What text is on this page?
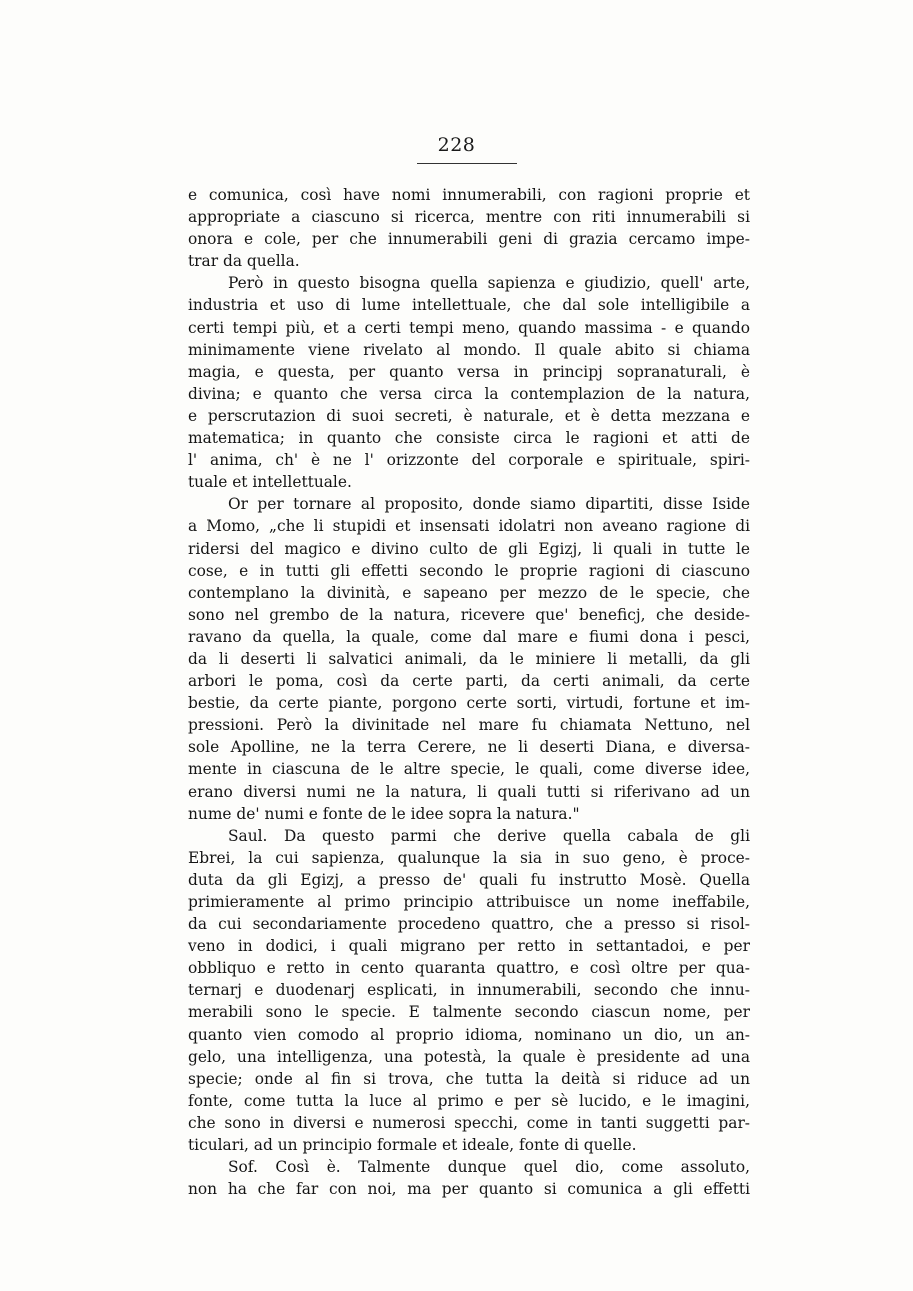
228
e comunica, così have nomi innumerabili, con ragioni proprie et
appropriate a ciascuno si ricerca, mentre con riti innumerabili si
onora e cole, per che innumerabili geni di grazia cercamo impe-
trar da quella.
Però in questo bisogna quella sapienza e giudizio, quell' arte,
industria et uso di lume intellettuale, che dal sole intelligibile a
certi tempi più, et a certi tempi meno, quando massima - e quando
minimamente viene rivelato al mondo. Il quale abito si chiama
magia, e questa, per quanto versa in principj sopranaturali, è
divina; e quanto che versa circa la contemplazion de la natura,
e perscrutazion di suoi secreti, è naturale, et è detta mezzana e
matematica; in quanto che consiste circa le ragioni et atti de
l' anima, ch' è ne l' orizzonte del corporale e spirituale, spiri-
tuale et intellettuale.
Or per tornare al proposito, donde siamo dipartiti, disse Iside
a Momo, „che li stupidi et insensati idolatri non aveano ragione di
ridersi del magico e divino culto de gli Egizj, li quali in tutte le
cose, e in tutti gli effetti secondo le proprie ragioni di ciascuno
contemplano la divinità, e sapeano per mezzo de le specie, che
sono nel grembo de la natura, ricevere que' beneficj, che deside-
ravano da quella, la quale, come dal mare e fiumi dona i pesci,
da li deserti li salvatici animali, da le miniere li metalli, da gli
arbori le poma, così da certe parti, da certi animali, da certe
bestie, da certe piante, porgono certe sorti, virtudi, fortune et im-
pressioni. Però la divinitade nel mare fu chiamata Nettuno, nel
sole Apolline, ne la terra Cerere, ne li deserti Diana, e diversa-
mente in ciascuna de le altre specie, le quali, come diverse idee,
erano diversi numi ne la natura, li quali tutti si riferivano ad un
nume de' numi e fonte de le idee sopra la natura."
Saul. Da questo parmi che derive quella cabala de gli
Ebrei, la cui sapienza, qualunque la sia in suo geno, è proce-
duta da gli Egizj, a presso de' quali fu instrutto Mosè. Quella
primieramente al primo principio attribuisce un nome ineffabile,
da cui secondariamente procedeno quattro, che a presso si risol-
veno in dodici, i quali migrano per retto in settantadoi, e per
obbliquo e retto in cento quaranta quattro, e così oltre per qua-
ternarj e duodenarj esplicati, in innumerabili, secondo che innu-
merabili sono le specie. E talmente secondo ciascun nome, per
quanto vien comodo al proprio idioma, nominano un dio, un an-
gelo, una intelligenza, una potestà, la quale è presidente ad una
specie; onde al fin si trova, che tutta la deità si riduce ad un
fonte, come tutta la luce al primo e per sè lucido, e le imagini,
che sono in diversi e numerosi specchi, come in tanti suggetti par-
ticulari, ad un principio formale et ideale, fonte di quelle.
Sof. Così è. Talmente dunque quel dio, come assoluto,
non ha che far con noi, ma per quanto si comunica a gli effetti
